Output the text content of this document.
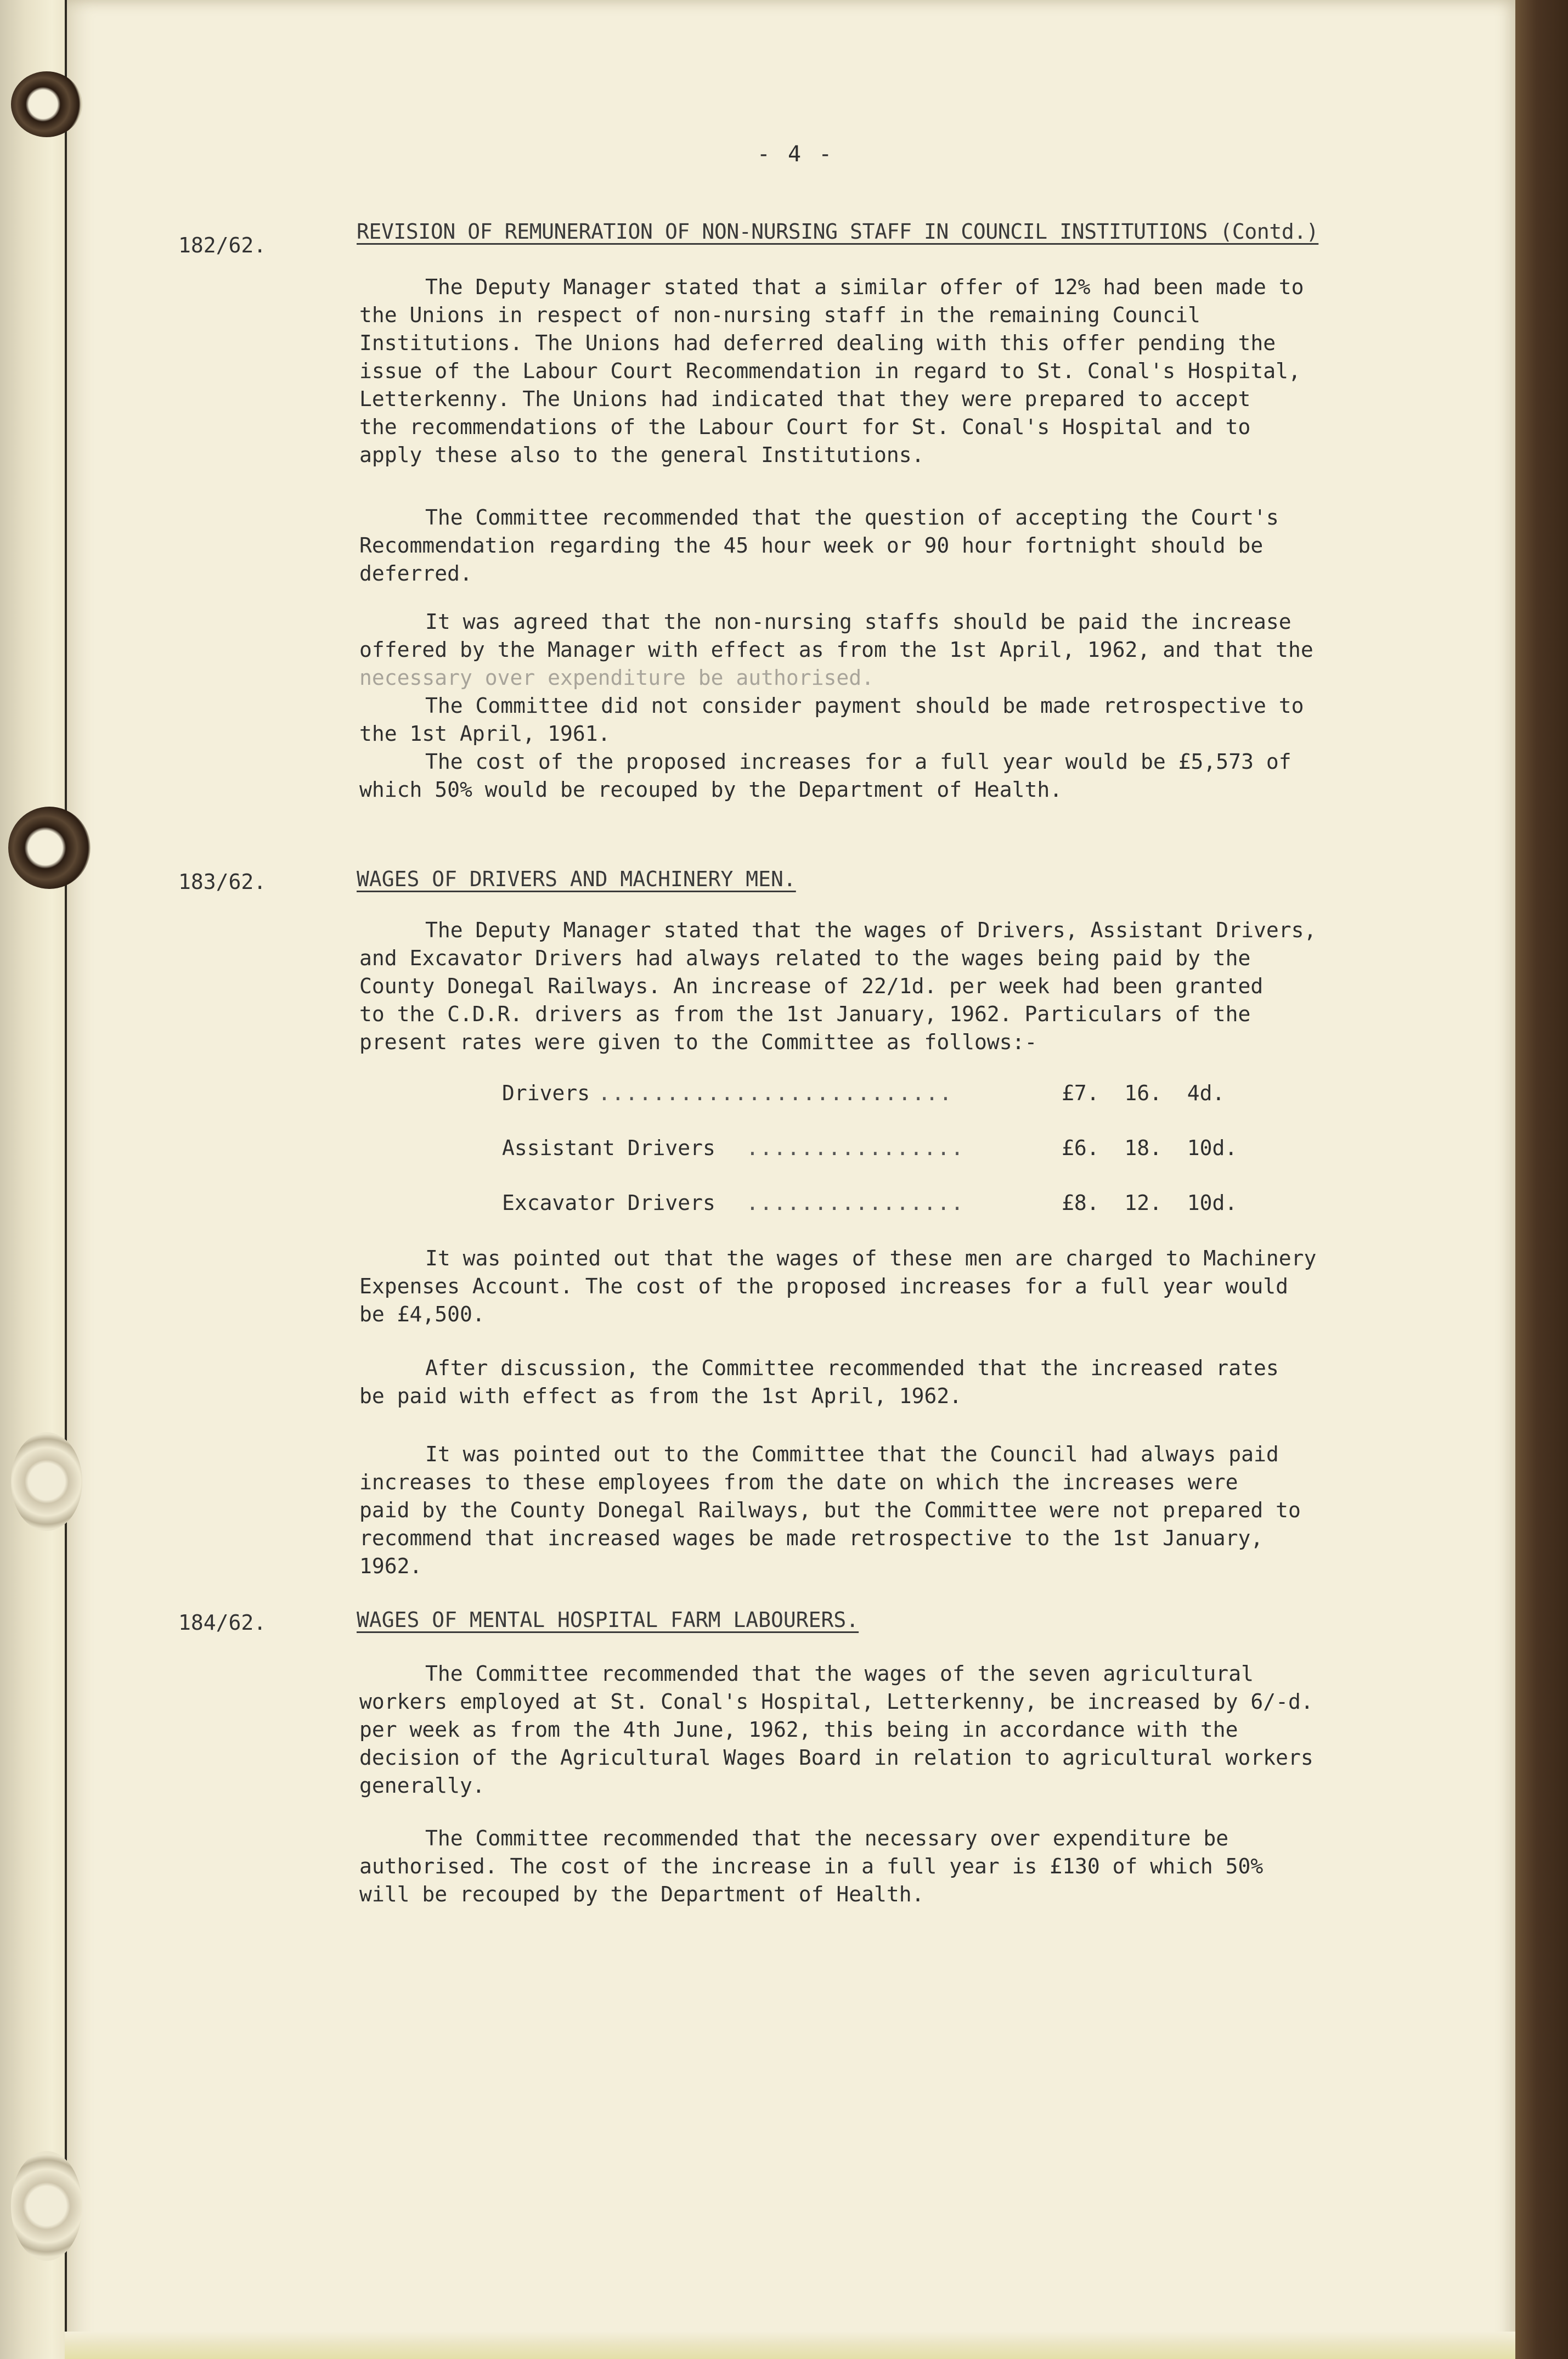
- 4 -
182/62.
REVISION OF REMUNERATION OF NON-NURSING STAFF IN COUNCIL INSTITUTIONS (Contd.)

The Deputy Manager stated that a similar offer of 12% had been made to
the Unions in respect of non-nursing staff in the remaining Council
Institutions. The Unions had deferred dealing with this offer pending the
issue of the Labour Court Recommendation in regard to St. Conal's Hospital,
Letterkenny. The Unions had indicated that they were prepared to accept
the recommendations of the Labour Court for St. Conal's Hospital and to
apply these also to the general Institutions.

The Committee recommended that the question of accepting the Court's
Recommendation regarding the 45 hour week or 90 hour fortnight should be
deferred.

It was agreed that the non-nursing staffs should be paid the increase
offered by the Manager with effect as from the 1st April, 1962, and that the

necessary over expenditure be authorised.

The Committee did not consider payment should be made retrospective to
the 1st April, 1961.

The cost of the proposed increases for a full year would be £5,573 of
which 50% would be recouped by the Department of Health.

183/62.	WAGES OF DRIVERS AND MACHINERY MEN.

The Deputy Manager stated that the wages of Drivers, Assistant Drivers,
and Excavator Drivers had always related to the wages being paid by the
County Donegal Railways. An increase of 22/1d. per week had been granted
to the C.D.R. drivers as from the 1st January, 1962. Particulars of the
present rates were given to the Committee as follows:-

Drivers ..........................	£7.  16.  4d.
Assistant Drivers ................	£6.  18.  10d.
Excavator Drivers ................	£8.  12.  10d.

It was pointed out that the wages of these men are charged to Machinery
Expenses Account. The cost of the proposed increases for a full year would
be £4,500.

After discussion, the Committee recommended that the increased rates
be paid with effect as from the 1st April, 1962.

It was pointed out to the Committee that the Council had always paid
increases to these employees from the date on which the increases were
paid by the County Donegal Railways, but the Committee were not prepared to
recommend that increased wages be made retrospective to the 1st January,
1962.

184/62.	WAGES OF MENTAL HOSPITAL FARM LABOURERS.

The Committee recommended that the wages of the seven agricultural
workers employed at St. Conal's Hospital, Letterkenny, be increased by 6/-d.
per week as from the 4th June, 1962, this being in accordance with the
decision of the Agricultural Wages Board in relation to agricultural workers
generally.

The Committee recommended that the necessary over expenditure be
authorised. The cost of the increase in a full year is £130 of which 50%
will be recouped by the Department of Health.
